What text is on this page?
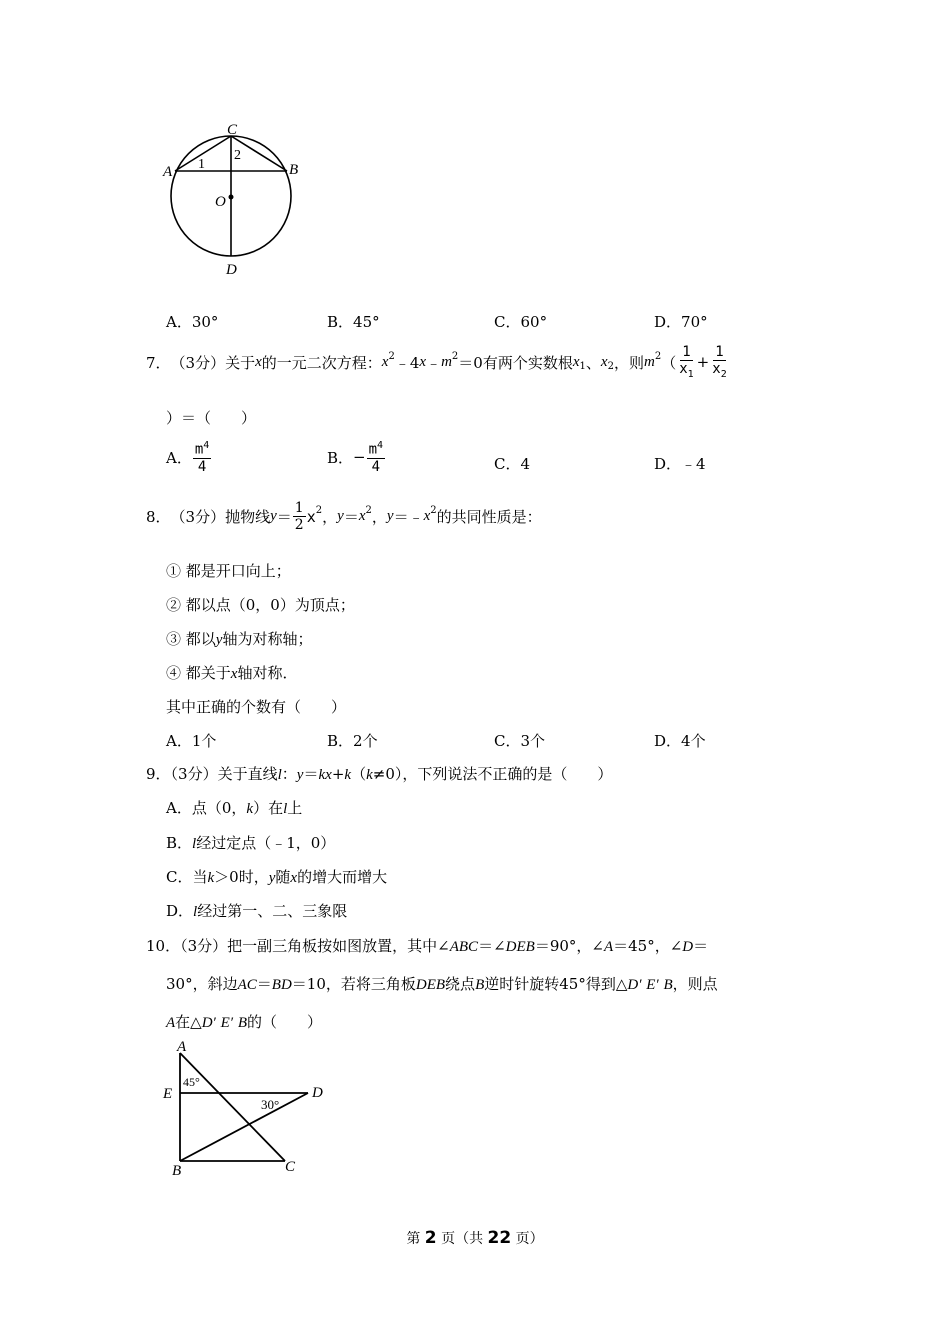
C
A	B
O
D
1
2
A．30°	B．45°	C．60°	D．70°
7． （3分） 关于 x 的一元二次方程： $x^2$ ﹣4 x ﹣ $m^2 =0$有两个实数根 $x_1$ 、 $x_2$ ，则 $m^2$ （ $\frac{1}{x_1} + \frac{1}{x_2}$
）＝（　　）
A． $\frac{m^4}{4}$	B． − $\frac{m^4}{4}$	C．4	D．﹣4
8． （3分） 抛物线 $y = \frac{1}{2} x^2$ ， $y = x^2$ ， y ＝﹣ $x^2$ 的共同性质是：
① 都是开口向上；
② 都以点（0，0）为顶点；
③ 都以y轴为对称轴；
④ 都关于x轴对称．
其中正确的个数有（　　）
A．1个	B．2个	C．3个	D．4个
9．（3分）关于直线l：y＝kx+k（k≠0），下列说法不正确的是（　　）
A．点（0，k）在l上
B．l经过定点（﹣1，0）
C．当k＞0时，y随x的增大而增大
D．l经过第一、二、三象限
10．（3分）把一副三角板按如图放置，其中∠ABC＝∠DEB＝90°，∠A＝45°，∠D＝
30°，斜边AC＝BD＝10，若将三角板DEB绕点B逆时针旋转45°得到△D′ E′ B，则点
A在△D′ E′ B的（　　）
A
E
B	C
D
45°
30°
第 2 页（共 22 页）
